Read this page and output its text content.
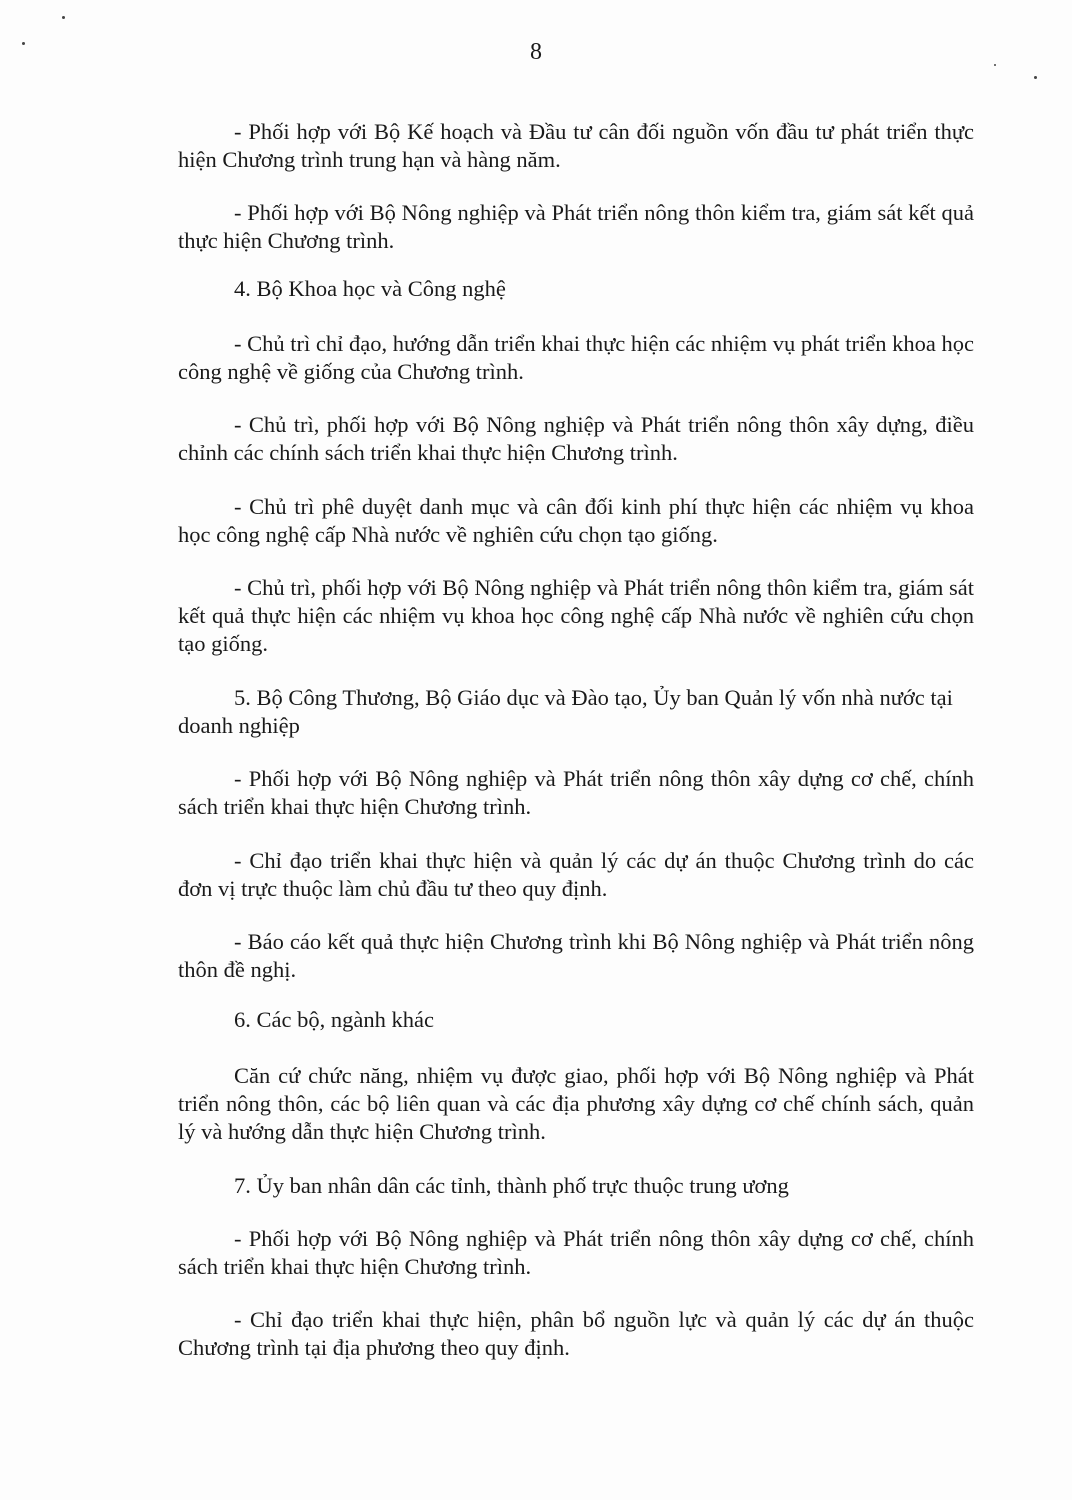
8

- Phối hợp với Bộ Kế hoạch và Đầu tư cân đối nguồn vốn đầu tư phát triển thực hiện Chương trình trung hạn và hàng năm.

- Phối hợp với Bộ Nông nghiệp và Phát triển nông thôn kiểm tra, giám sát kết quả thực hiện Chương trình.

4. Bộ Khoa học và Công nghệ

- Chủ trì chỉ đạo, hướng dẫn triển khai thực hiện các nhiệm vụ phát triển khoa học công nghệ về giống của Chương trình.

- Chủ trì, phối hợp với Bộ Nông nghiệp và Phát triển nông thôn xây dựng, điều chỉnh các chính sách triển khai thực hiện Chương trình.

- Chủ trì phê duyệt danh mục và cân đối kinh phí thực hiện các nhiệm vụ khoa học công nghệ cấp Nhà nước về nghiên cứu chọn tạo giống.

- Chủ trì, phối hợp với Bộ Nông nghiệp và Phát triển nông thôn kiểm tra, giám sát kết quả thực hiện các nhiệm vụ khoa học công nghệ cấp Nhà nước về nghiên cứu chọn tạo giống.

5. Bộ Công Thương, Bộ Giáo dục và Đào tạo, Ủy ban Quản lý vốn nhà nước tại doanh nghiệp

- Phối hợp với Bộ Nông nghiệp và Phát triển nông thôn xây dựng cơ chế, chính sách triển khai thực hiện Chương trình.

- Chỉ đạo triển khai thực hiện và quản lý các dự án thuộc Chương trình do các đơn vị trực thuộc làm chủ đầu tư theo quy định.

- Báo cáo kết quả thực hiện Chương trình khi Bộ Nông nghiệp và Phát triển nông thôn đề nghị.

6. Các bộ, ngành khác

Căn cứ chức năng, nhiệm vụ được giao, phối hợp với Bộ Nông nghiệp và Phát triển nông thôn, các bộ liên quan và các địa phương xây dựng cơ chế chính sách, quản lý và hướng dẫn thực hiện Chương trình.

7. Ủy ban nhân dân các tỉnh, thành phố trực thuộc trung ương

- Phối hợp với Bộ Nông nghiệp và Phát triển nông thôn xây dựng cơ chế, chính sách triển khai thực hiện Chương trình.

- Chỉ đạo triển khai thực hiện, phân bổ nguồn lực và quản lý các dự án thuộc Chương trình tại địa phương theo quy định.
